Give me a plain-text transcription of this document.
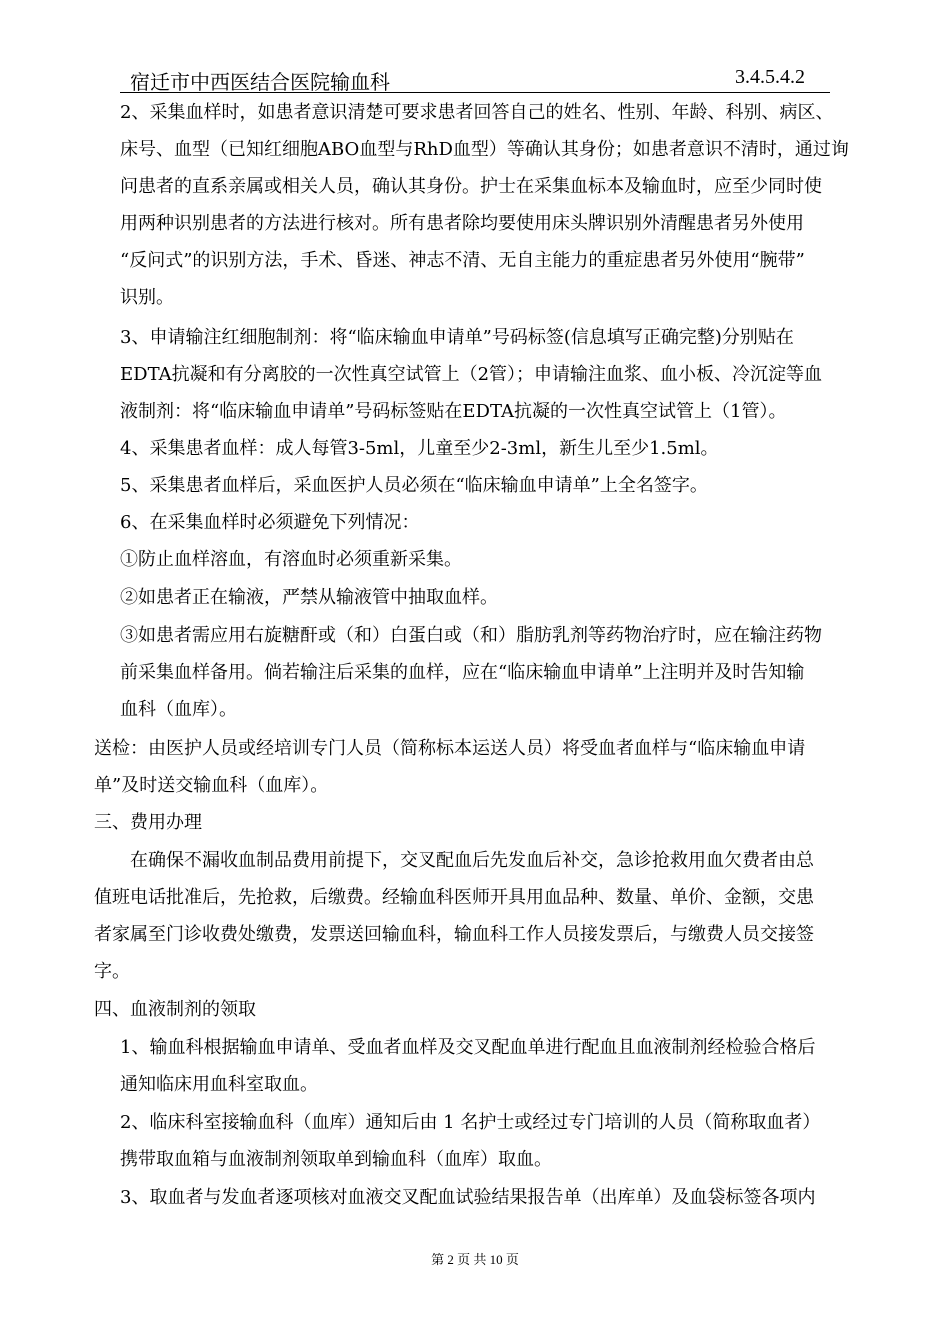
宿迁市中西医结合医院输血科	3.4.5.4.2
2、采集血样时，如患者意识清楚可要求患者回答自己的姓名、性别、年龄、科别、病区、
床号、血型（已知红细胞ABO血型与RhD血型）等确认其身份；如患者意识不清时，通过询
问患者的直系亲属或相关人员，确认其身份。护士在采集血标本及输血时，应至少同时使
用两种识别患者的方法进行核对。所有患者除均要使用床头牌识别外清醒患者另外使用
“反问式”的识别方法，手术、昏迷、神志不清、无自主能力的重症患者另外使用“腕带”
识别。
3、申请输注红细胞制剂：将“临床输血申请单”号码标签(信息填写正确完整)分别贴在
EDTA抗凝和有分离胶的一次性真空试管上（2管）；申请输注血浆、血小板、冷沉淀等血
液制剂：将“临床输血申请单”号码标签贴在EDTA抗凝的一次性真空试管上（1管）。
4、采集患者血样：成人每管3-5ml，儿童至少2-3ml，新生儿至少1.5ml。
5、采集患者血样后，采血医护人员必须在“临床输血申请单”上全名签字。
6、在采集血样时必须避免下列情况：
①防止血样溶血，有溶血时必须重新采集。
②如患者正在输液，严禁从输液管中抽取血样。
③如患者需应用右旋糖酐或（和）白蛋白或（和）脂肪乳剂等药物治疗时，应在输注药物
前采集血样备用。倘若输注后采集的血样，应在“临床输血申请单”上注明并及时告知输
血科（血库）。
送检：由医护人员或经培训专门人员（简称标本运送人员）将受血者血样与“临床输血申请
单”及时送交输血科（血库）。
三、费用办理
在确保不漏收血制品费用前提下，交叉配血后先发血后补交，急诊抢救用血欠费者由总
值班电话批准后，先抢救，后缴费。经输血科医师开具用血品种、数量、单价、金额，交患
者家属至门诊收费处缴费，发票送回输血科，输血科工作人员接发票后，与缴费人员交接签
字。
四、血液制剂的领取
1、输血科根据输血申请单、受血者血样及交叉配血单进行配血且血液制剂经检验合格后
通知临床用血科室取血。
2、临床科室接输血科（血库）通知后由 1 名护士或经过专门培训的人员（简称取血者）
携带取血箱与血液制剂领取单到输血科（血库）取血。
3、取血者与发血者逐项核对血液交叉配血试验结果报告单（出库单）及血袋标签各项内
第 2 页 共 10 页
